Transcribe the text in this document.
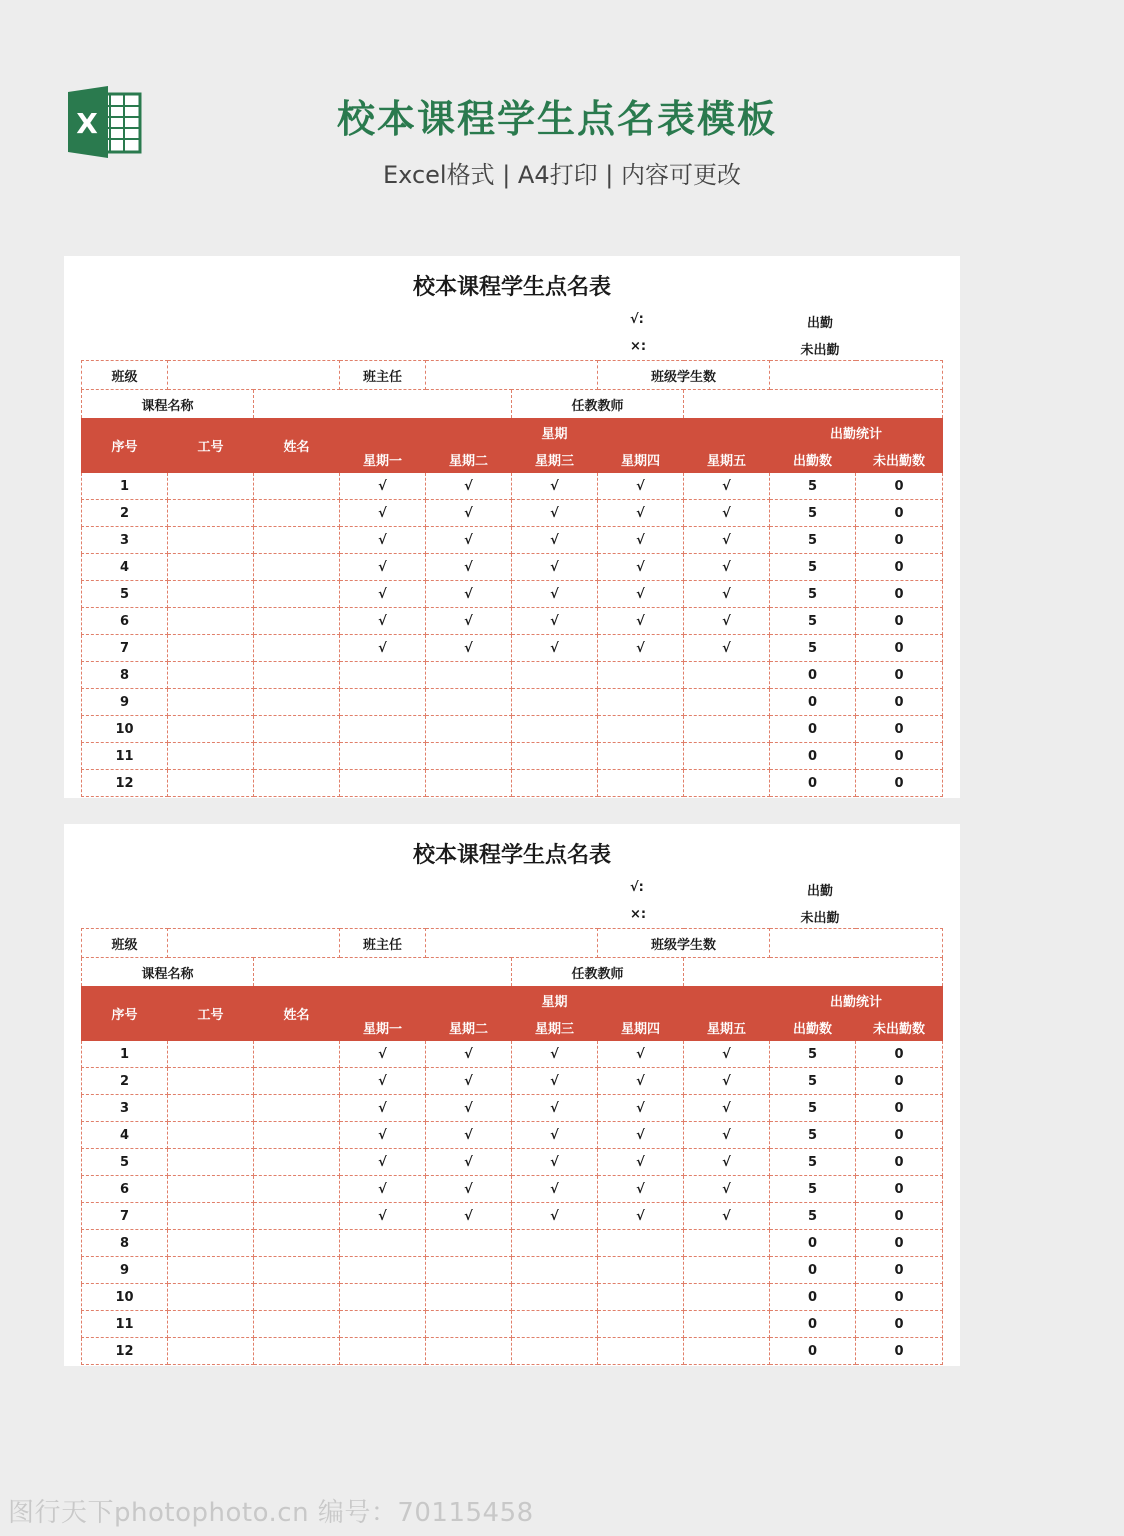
X	校本课程学生点名表模板
Excel格式 | A4打印 | 内容可更改
校本课程学生点名表
√:	出勤
×:	未出勤
班级			班主任			班级学生数			
课程名称					任教教师				
序号	工号	姓名	星期					出勤统计	
			星期一	星期二	星期三	星期四	星期五	出勤数	未出勤数
1			√	√	√	√	√	5	0
2			√	√	√	√	√	5	0
3			√	√	√	√	√	5	0
4			√	√	√	√	√	5	0
5			√	√	√	√	√	5	0
6			√	√	√	√	√	5	0
7			√	√	√	√	√	5	0
8								0	0
9								0	0
10								0	0
11								0	0
12								0	0
校本课程学生点名表
√:	出勤
×:	未出勤
班级			班主任			班级学生数			
课程名称					任教教师				
序号	工号	姓名	星期					出勤统计	
			星期一	星期二	星期三	星期四	星期五	出勤数	未出勤数
1			√	√	√	√	√	5	0
2			√	√	√	√	√	5	0
3			√	√	√	√	√	5	0
4			√	√	√	√	√	5	0
5			√	√	√	√	√	5	0
6			√	√	√	√	√	5	0
7			√	√	√	√	√	5	0
8								0	0
9								0	0
10								0	0
11								0	0
12								0	0
图行天下photophoto.cn 编号：70115458
